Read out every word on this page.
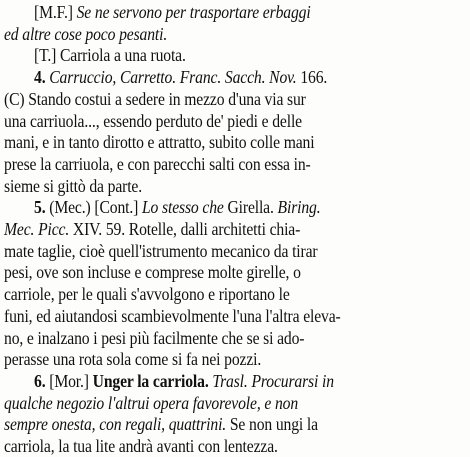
[M.F.] Se ne servono per trasportare erbaggi
ed altre cose poco pesanti.
[T.] Carriola a una ruota.
4. Carruccio, Carretto. Franc. Sacch. Nov. 166.
(C) Stando costui a sedere in mezzo d'una via sur
una carriuola..., essendo perduto de' piedi e delle
mani, e in tanto dirotto e attratto, subito colle mani
prese la carriuola, e con parecchi salti con essa in-
sieme si gittò da parte.
5. (Mec.) [Cont.] Lo stesso che Girella. Biring.
Mec. Picc. XIV. 59. Rotelle, dalli architetti chia-
mate taglie, cioè quell'istrumento mecanico da tirar
pesi, ove son incluse e comprese molte girelle, o
carriole, per le quali s'avvolgono e riportano le
funi, ed aiutandosi scambievolmente l'una l'altra eleva-
no, e inalzano i pesi più facilmente che se si ado-
perasse una rota sola come si fa nei pozzi.
6. [Mor.] Unger la carriola. Trasl. Procurarsi in
qualche negozio l'altrui opera favorevole, e non
sempre onesta, con regali, quattrini. Se non ungi la
carriola, la tua lite andrà avanti con lentezza.
